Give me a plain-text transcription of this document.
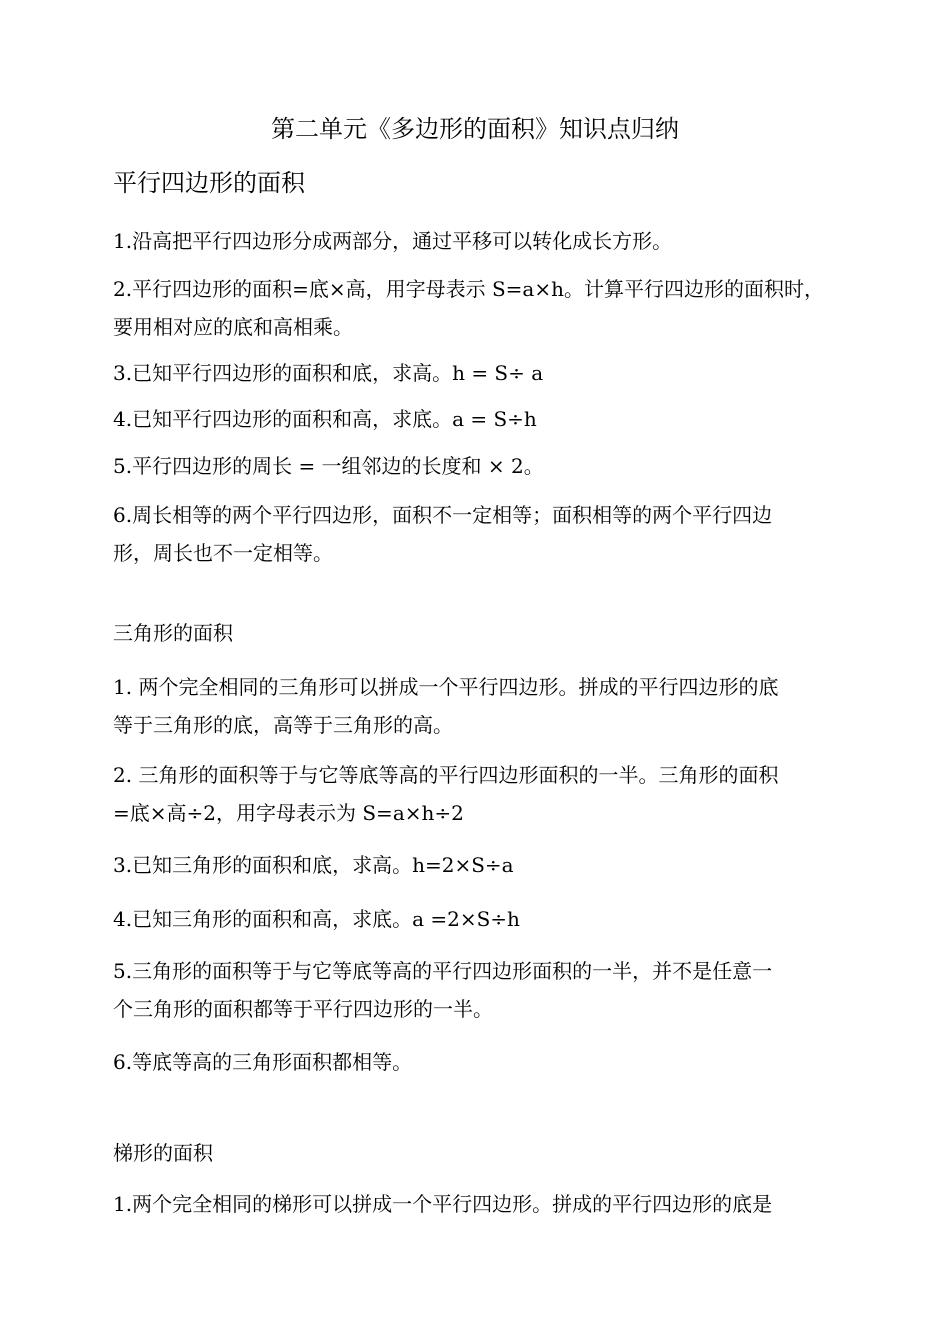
第二单元《多边形的面积》知识点归纳
平行四边形的面积
1.沿高把平行四边形分成两部分，通过平移可以转化成长方形。
2.平行四边形的面积=底×高，用字母表示 S=a×h。计算平行四边形的面积时，
要用相对应的底和高相乘。
3.已知平行四边形的面积和底，求高。h = S÷ a
4.已知平行四边形的面积和高，求底。a = S÷h
5.平行四边形的周长 = 一组邻边的长度和 × 2。
6.周长相等的两个平行四边形，面积不一定相等；面积相等的两个平行四边
形，周长也不一定相等。
三角形的面积
1. 两个完全相同的三角形可以拼成一个平行四边形。拼成的平行四边形的底
等于三角形的底，高等于三角形的高。
2. 三角形的面积等于与它等底等高的平行四边形面积的一半。三角形的面积
=底×高÷2，用字母表示为 S=a×h÷2
3.已知三角形的面积和底，求高。h=2×S÷a
4.已知三角形的面积和高，求底。a =2×S÷h
5.三角形的面积等于与它等底等高的平行四边形面积的一半，并不是任意一
个三角形的面积都等于平行四边形的一半。
6.等底等高的三角形面积都相等。
梯形的面积
1.两个完全相同的梯形可以拼成一个平行四边形。拼成的平行四边形的底是
